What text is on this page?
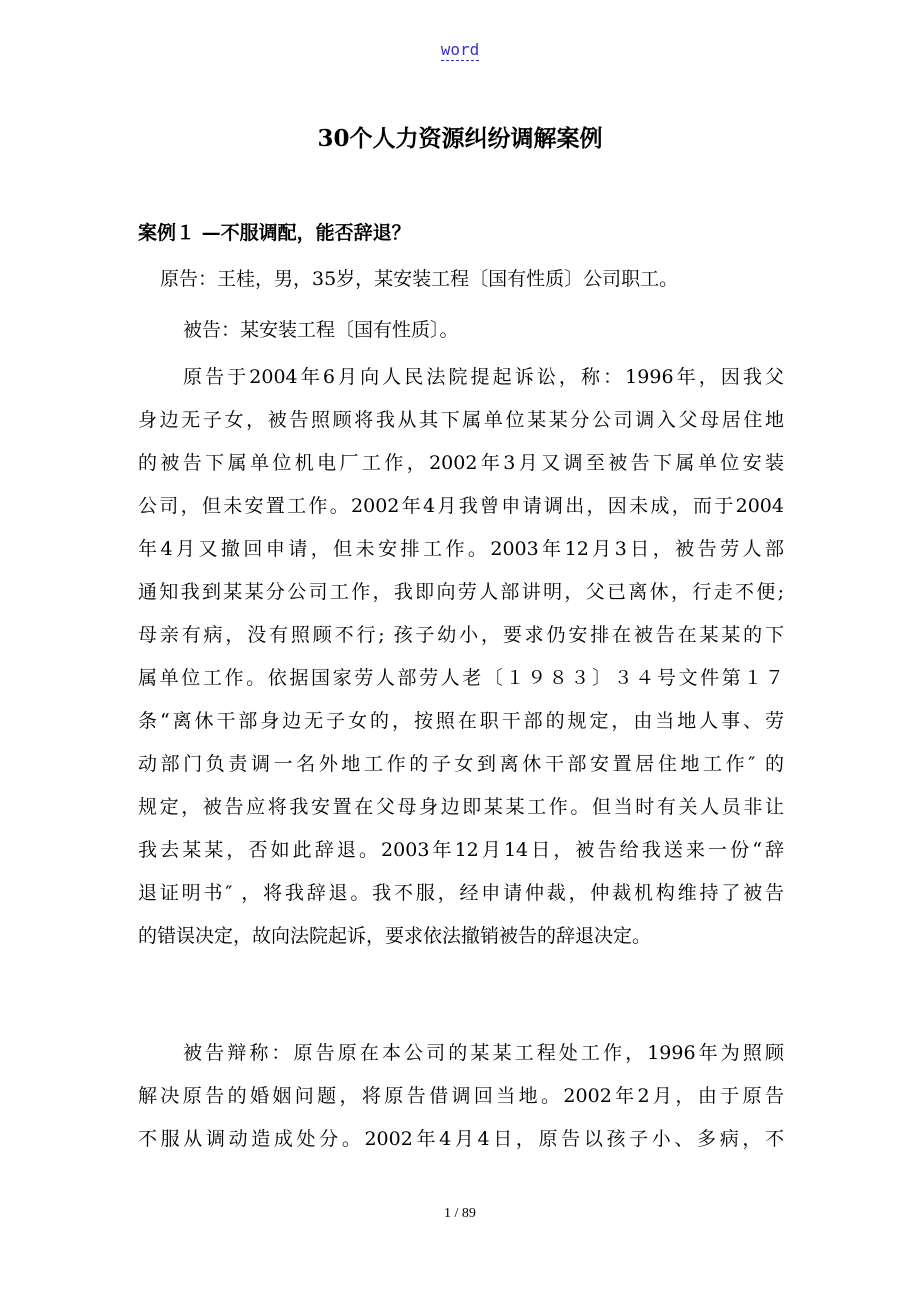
word
30个人力资源纠纷调解案例
案例１ —不服调配，能否辞退？
原告：王桂，男，35岁，某安装工程〔国有性质〕公司职工。
被告：某安装工程〔国有性质〕。
原告于2004年6月向人民法院提起诉讼，称：1996年，因我父
身边无子女，被告照顾将我从其下属单位某某分公司调入父母居住地
的被告下属单位机电厂工作，2002年3月又调至被告下属单位安装
公司，但未安置工作。2002年4月我曾申请调出，因未成，而于2004
年4月又撤回申请，但未安排工作。2003年12月3日，被告劳人部
通知我到某某分公司工作，我即向劳人部讲明，父已离休，行走不便;
母亲有病，没有照顾不行; 孩子幼小，要求仍安排在被告在某某的下
属单位工作。依据国家劳人部劳人老〔１９８３〕３４号文件第１７
条“离休干部身边无子女的，按照在职干部的规定，由当地人事、劳
动部门负责调一名外地工作的子女到离休干部安置居住地工作″ 的
规定，被告应将我安置在父母身边即某某工作。但当时有关人员非让
我去某某，否如此辞退。2003年12月14日，被告给我送来一份“辞
退证明书″ ，将我辞退。我不服，经申请仲裁，仲裁机构维持了被告
的错误决定，故向法院起诉，要求依法撤销被告的辞退决定。
被告辩称：原告原在本公司的某某工程处工作，1996年为照顾
解决原告的婚姻问题，将原告借调回当地。2002年2月，由于原告
不服从调动造成处分。2002年4月4日，原告以孩子小、多病，不
1 / 89
